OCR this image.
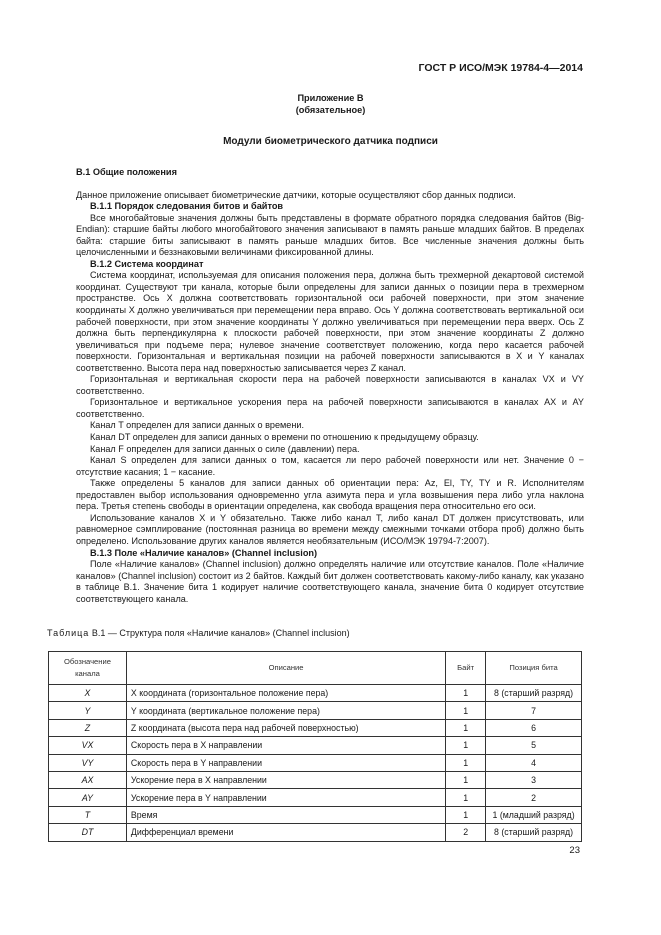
ГОСТ Р ИСО/МЭК 19784-4—2014
Приложение В
(обязательное)
Модули биометрического датчика подписи
В.1 Общие положения

Данное приложение описывает биометрические датчики, которые осуществляют сбор данных подписи.

В.1.1 Порядок следования битов и байтов

Все многобайтовые значения должны быть представлены в формате обратного порядка следования байтов (Big-Endian): старшие байты любого многобайтового значения записывают в память раньше младших байтов. В пределах байта: старшие биты записывают в память раньше младших битов. Все численные значения должны быть целочисленными и беззнаковыми величинами фиксированной длины.

В.1.2 Система координат

Система координат, используемая для описания положения пера, должна быть трехмерной декартовой системой координат. Существуют три канала, которые были определены для записи данных о позиции пера в трехмерном пространстве. Ось X должна соответствовать горизонтальной оси рабочей поверхности, при этом значение координаты X должно увеличиваться при перемещении пера вправо. Ось Y должна соответствовать вертикальной оси рабочей поверхности, при этом значение координаты Y должно увеличиваться при перемещении пера вверх. Ось Z должна быть перпендикулярна к плоскости рабочей поверхности, при этом значение координаты Z должно увеличиваться при подъеме пера; нулевое значение соответствует положению, когда перо касается рабочей поверхности. Горизонтальная и вертикальная позиции на рабочей поверхности записываются в X и Y каналах соответственно. Высота пера над поверхностью записывается через Z канал.

Горизонтальная и вертикальная скорости пера на рабочей поверхности записываются в каналах VX и VY соответственно.

Горизонтальное и вертикальное ускорения пера на рабочей поверхности записываются в каналах AX и AY соответственно.

Канал T определен для записи данных о времени.

Канал DT определен для записи данных о времени по отношению к предыдущему образцу.

Канал F определен для записи данных о силе (давлении) пера.

Канал S определен для записи данных о том, касается ли перо рабочей поверхности или нет. Значение 0 − отсутствие касания; 1 − касание.

Также определены 5 каналов для записи данных об ориентации пера: Az, El, TY, TY и R. Исполнителям предоставлен выбор использования одновременно угла азимута пера и угла возвышения пера либо угла наклона пера. Третья степень свободы в ориентации определена, как свобода вращения пера относительно его оси.

Использование каналов X и Y обязательно. Также либо канал T, либо канал DT должен присутствовать, или равномерное сэмплирование (постоянная разница во времени между смежными точками отбора проб) должно быть определено. Использование других каналов является необязательным (ИСО/МЭК 19794-7:2007).

В.1.3 Поле «Наличие каналов» (Channel inclusion)

Поле «Наличие каналов» (Channel inclusion) должно определять наличие или отсутствие каналов. Поле «Наличие каналов» (Channel inclusion) состоит из 2 байтов. Каждый бит должен соответствовать какому-либо каналу, как указано в таблице В.1. Значение бита 1 кодирует наличие соответствующего канала, значение бита 0 кодирует отсутствие соответствующего канала.

Таблица В.1 — Структура поля «Наличие каналов» (Channel inclusion)
Обозначение канала	Описание	Байт	Позиция бита
X	X координата (горизонтальное положение пера)	1	8 (старший разряд)
Y	Y координата (вертикальное положение пера)	1	7
Z	Z координата (высота пера над рабочей поверхностью)	1	6
VX	Скорость пера в X направлении	1	5
VY	Скорость пера в Y направлении	1	4
AX	Ускорение пера в X направлении	1	3
AY	Ускорение пера в Y направлении	1	2
T	Время	1	1 (младший разряд)
DT	Дифференциал времени	2	8 (старший разряд)
23
